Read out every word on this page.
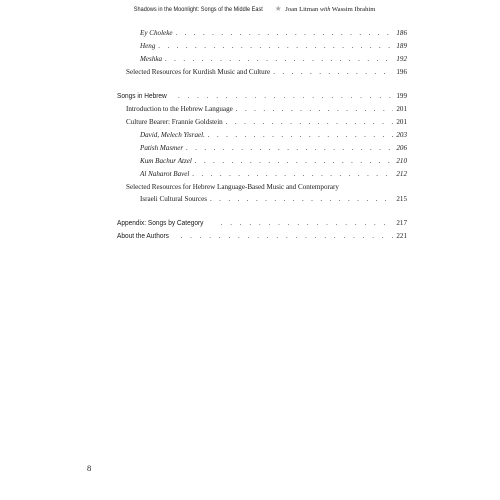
Shadows in the Moonlight: Songs of the Middle East ★ Joan Litman with Wassim Ibrahim
Ey Choleke . . .	186
Heng . . .	189
Meshka . . .	192
Selected Resources for Kurdish Music and Culture . . .	196
Songs in Hebrew . . .	199
Introduction to the Hebrew Language . . .	201
Culture Bearer: Frannie Goldstein . . .	201
David, Melech Yisrael. . . .	203
Patish Masmer . . .	206
Kum Bachur Atzel . . .	210
Al Naharot Bavel . . .	212
Selected Resources for Hebrew Language-Based Music and Contemporary
Israeli Cultural Sources . . .	215
Appendix: Songs by Category . . .	217
About the Authors . . .	221
8
